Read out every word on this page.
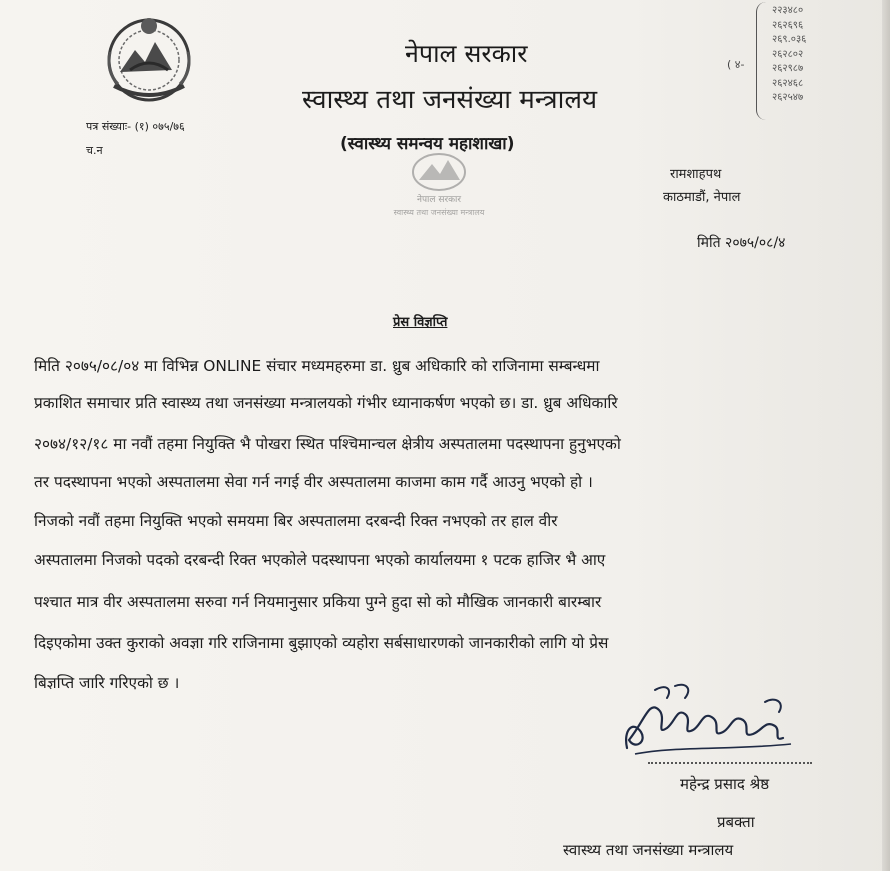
नेपाल सरकार
स्वास्थ्य तथा जनसंख्या मन्त्रालय
(स्वास्थ्य समन्वय महाशाखा)
( ४-
२२३४८०
२६२६९६
२६९.०३६
२६२८०२
२६२९८७
२६२४६८
२६२५४७
पत्र संख्याः- (१) ०७५/७६
च.न
नेपाल सरकार
स्वास्थ्य तथा जनसंख्या मन्त्रालय
रामशाहपथ
काठमाडौं, नेपाल
मिति २०७५/०८/४
प्रेस विज्ञप्ति
मिति २०७५/०८/०४ मा विभिन्न ONLINE संचार मध्यमहरुमा डा. ध्रुब अधिकारि को राजिनामा सम्बन्धमा
प्रकाशित समाचार प्रति स्वास्थ्य तथा जनसंख्या मन्त्रालयको गंभीर ध्यानाकर्षण भएको छ। डा. ध्रुब अधिकारि
२०७४/१२/१८ मा नवौं तहमा नियुक्ति भै पोखरा स्थित पश्चिमान्चल क्षेत्रीय अस्पतालमा पदस्थापना हुनुभएको
तर पदस्थापना भएको अस्पतालमा सेवा गर्न नगई वीर अस्पतालमा काजमा काम गर्दै आउनु भएको हो ।
निजको नवौं तहमा नियुक्ति भएको समयमा बिर अस्पतालमा दरबन्दी रिक्त नभएको तर हाल वीर
अस्पतालमा निजको पदको दरबन्दी रिक्त भएकोले पदस्थापना भएको कार्यालयमा १ पटक हाजिर भै आए
पश्चात मात्र वीर अस्पतालमा सरुवा गर्न नियमानुसार प्रकिया पुग्ने हुदा सो को मौखिक जानकारी बारम्बार
दिइएकोमा उक्त कुराको अवज्ञा गरि राजिनामा बुझाएको व्यहोरा सर्बसाधारणको जानकारीको लागि यो प्रेस
बिज्ञप्ति जारि गरिएको छ ।
महेन्द्र प्रसाद श्रेष्ठ
प्रबक्ता
स्वास्थ्य तथा जनसंख्या मन्त्रालय
